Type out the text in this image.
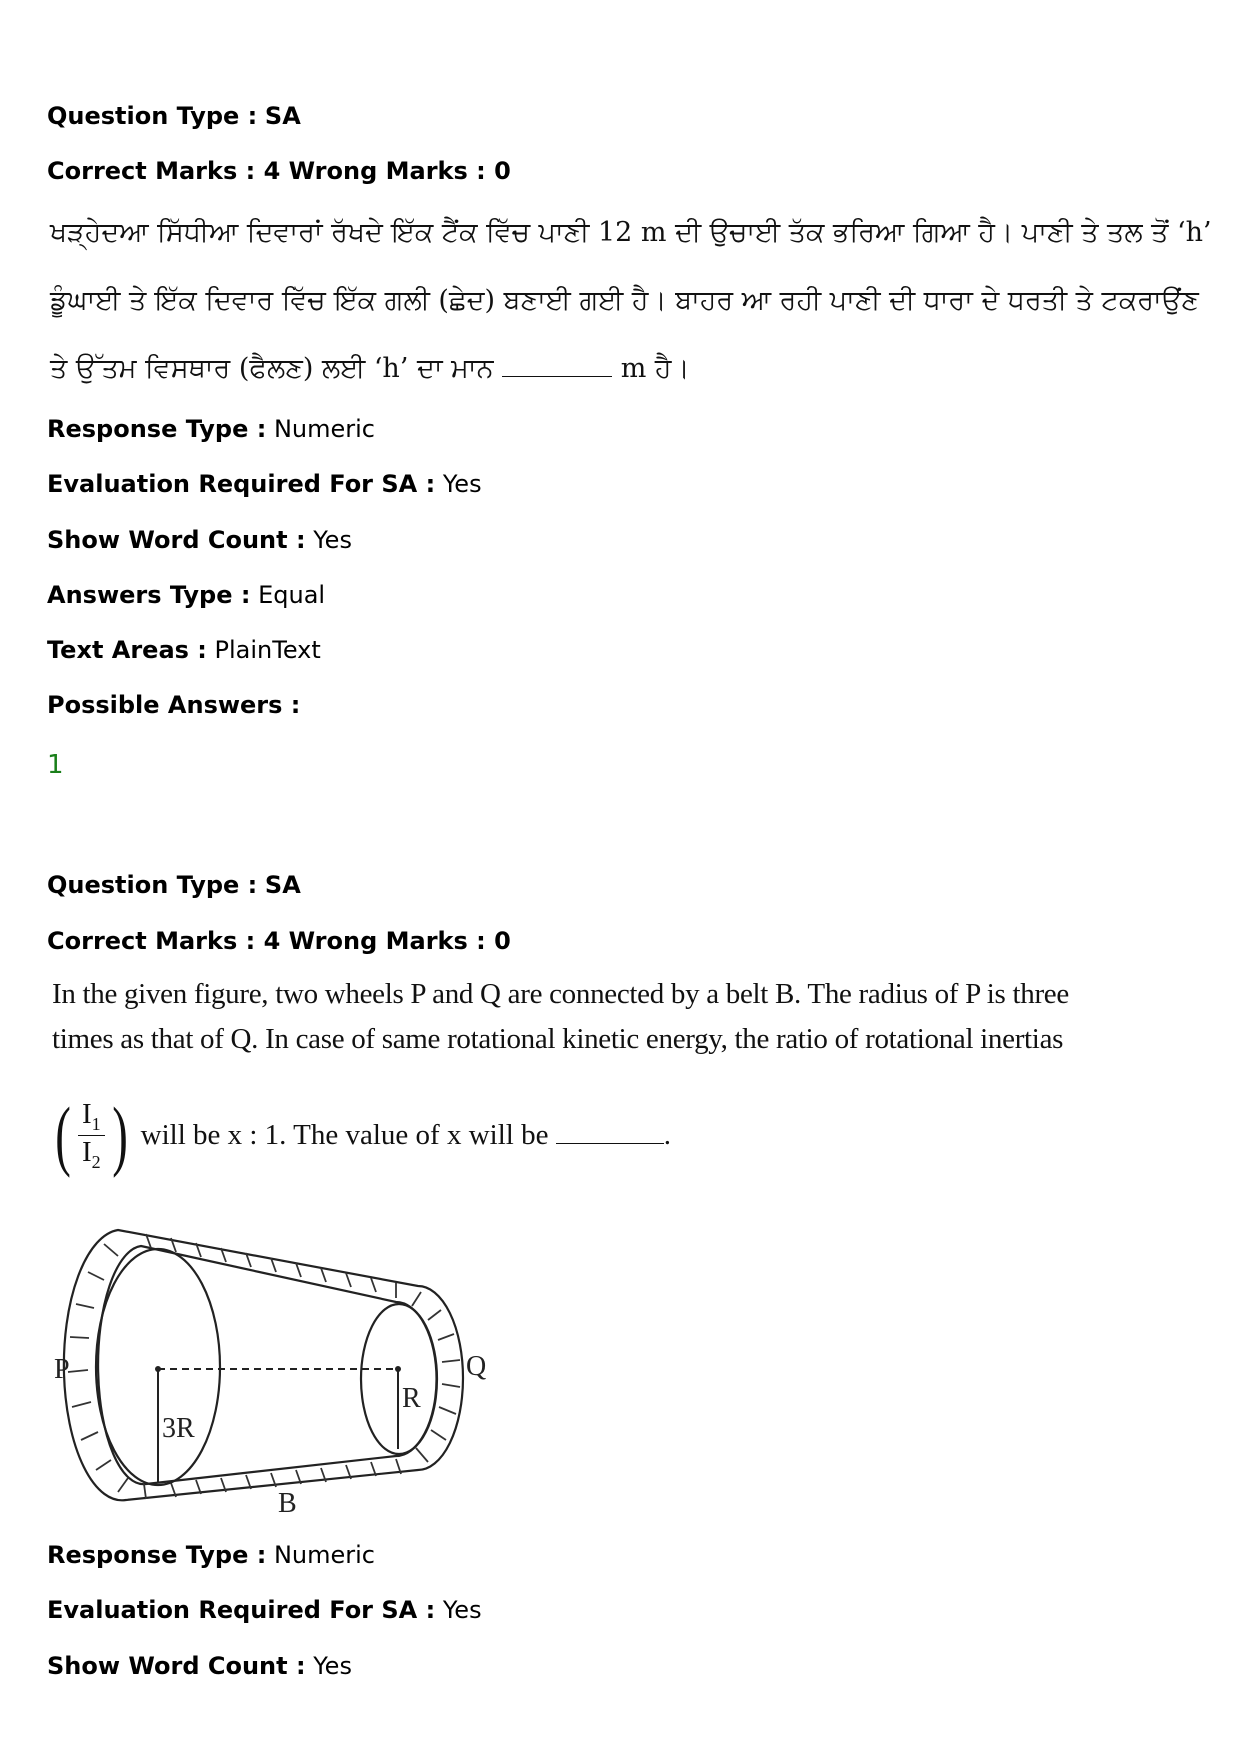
Question Type : SA
Correct Marks : 4 Wrong Marks : 0
ਖੜ੍ਹੇਦਆ ਸਿੱਧੀਆ ਦਿਵਾਰਾਂ ਰੱਖਦੇ ਇੱਕ ਟੈਂਕ ਵਿੱਚ ਪਾਣੀ 12 m ਦੀ ਉਚਾਈ ਤੱਕ ਭਰਿਆ ਗਿਆ ਹੈ। ਪਾਣੀ ਤੇ ਤਲ ਤੋਂ ‘h’
ਡੂੰਘਾਈ ਤੇ ਇੱਕ ਦਿਵਾਰ ਵਿੱਚ ਇੱਕ ਗਲੀ (ਛੇਦ) ਬਣਾਈ ਗਈ ਹੈ। ਬਾਹਰ ਆ ਰਹੀ ਪਾਣੀ ਦੀ ਧਾਰਾ ਦੇ ਧਰਤੀ ਤੇ ਟਕਰਾਉਂਣ
ਤੇ ਉੱਤਮ ਵਿਸਥਾਰ (ਫੈਲਣ) ਲਈ ‘h’ ਦਾ ਮਾਨ	m ਹੈ।
Response Type : Numeric
Evaluation Required For SA : Yes
Show Word Count : Yes
Answers Type : Equal
Text Areas : PlainText
Possible Answers :
1
Question Type : SA
Correct Marks : 4 Wrong Marks : 0
In the given figure, two wheels P and Q are connected by a belt B. The radius of P is three
times as that of Q. In case of same rotational kinetic energy, the ratio of rotational inertias
( $\frac{I_1}{I_2}$ ) will be x : 1. The value of x will be	.
P	Q
B
3R
R
Response Type : Numeric
Evaluation Required For SA : Yes
Show Word Count : Yes
